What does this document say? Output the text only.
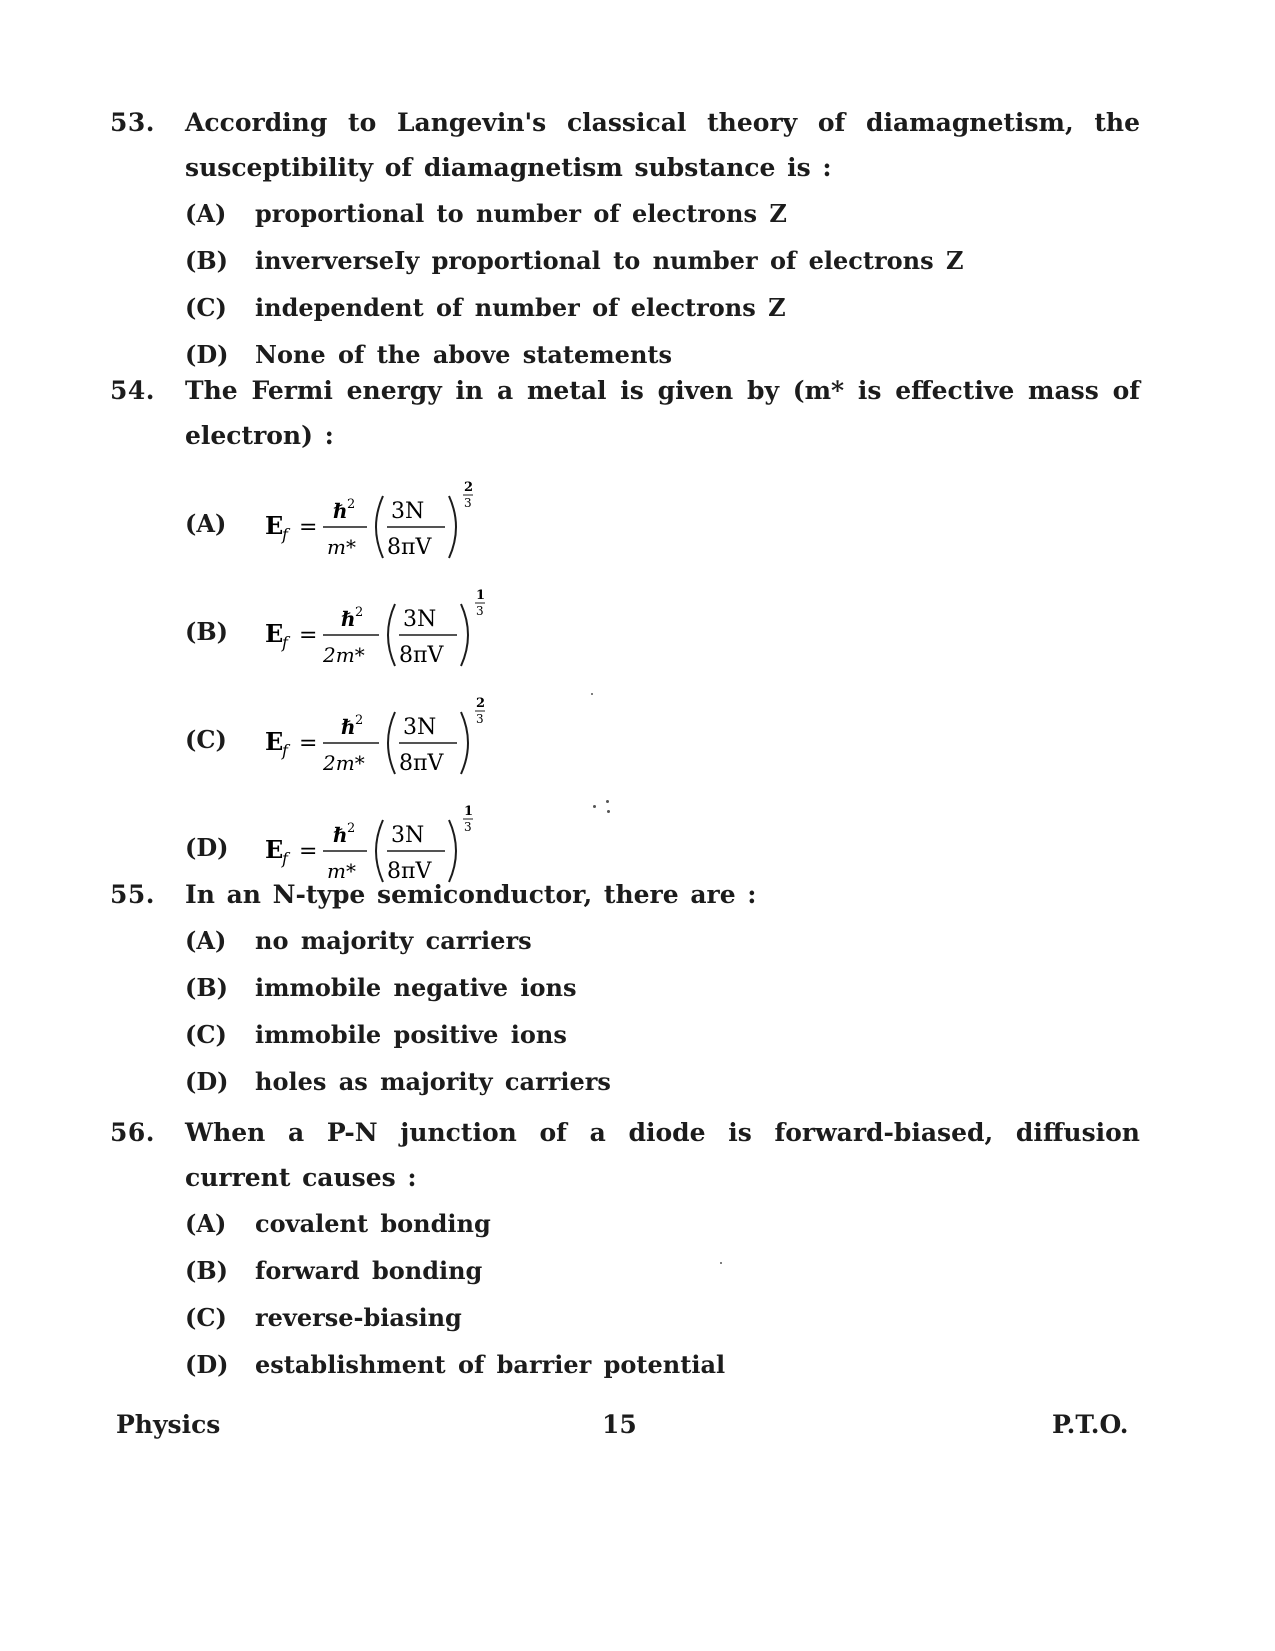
53. According to Langevin's classical theory of diamagnetism, the susceptibility of diamagnetism substance is :
(A) proportional to number of electrons Z
(B) inververseIy proportional to number of electrons Z
(C) independent of number of electrons Z
(D) None of the above statements
54. The Fermi energy in a metal is given by (m* is effective mass of electron) :
(A) E
f =
ℏ 2
m*
3N
8πV
2
3
(B) E
f =
ℏ 2
2m*
3N
8πV
1
3
(C) E
f =
ℏ 2
2m*
3N
8πV
2
3
(D) E
f =
ℏ 2
m*
3N
8πV
1
3
55. In an N-type semiconductor, there are :
(A) no majority carriers
(B) immobile negative ions
(C) immobile positive ions
(D) holes as majority carriers
56. When a P-N junction of a diode is forward-biased, diffusion current causes :
(A) covalent bonding
(B) forward bonding
(C) reverse-biasing
(D) establishment of barrier potential
Physics	15	P.T.O.
